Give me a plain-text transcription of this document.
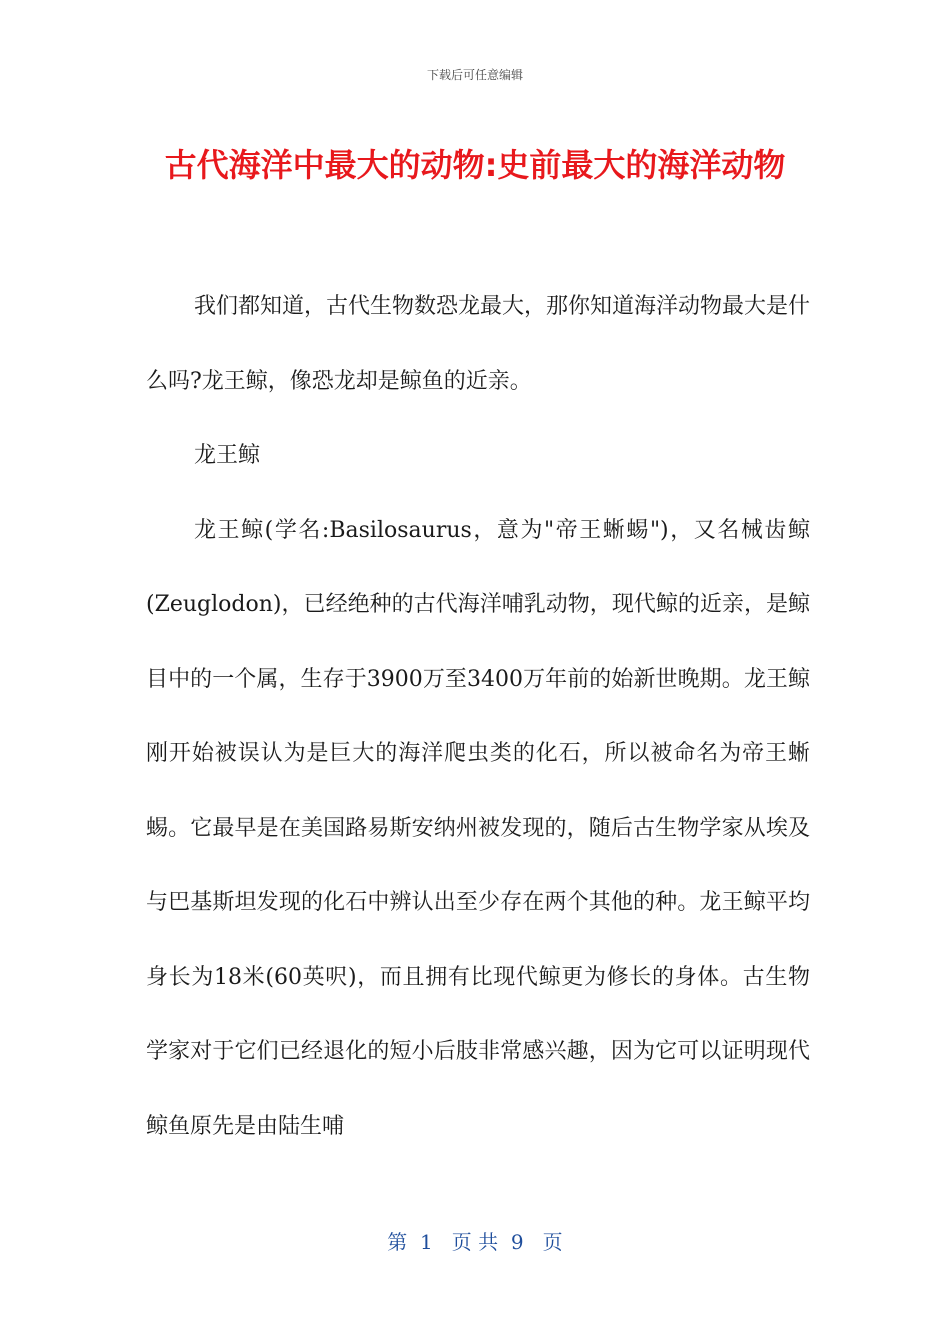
下载后可任意编辑
古代海洋中最大的动物:史前最大的海洋动物

我们都知道，古代生物数恐龙最大，那你知道海洋动物最大是什么吗?龙王鲸，像恐龙却是鲸鱼的近亲。

龙王鲸

龙王鲸(学名:Basilosaurus，意为"帝王蜥蜴")，又名械齿鲸(Zeuglodon)，已经绝种的古代海洋哺乳动物，现代鲸的近亲，是鲸目中的一个属，生存于3900万至3400万年前的始新世晚期。龙王鲸刚开始被误认为是巨大的海洋爬虫类的化石，所以被命名为帝王蜥蜴。它最早是在美国路易斯安纳州被发现的，随后古生物学家从埃及与巴基斯坦发现的化石中辨认出至少存在两个其他的种。龙王鲸平均身长为18米(60英呎)，而且拥有比现代鲸更为修长的身体。古生物学家对于它们已经退化的短小后肢非常感兴趣，因为它可以证明现代鲸鱼原先是由陆生哺

第  1   页 共  9   页
